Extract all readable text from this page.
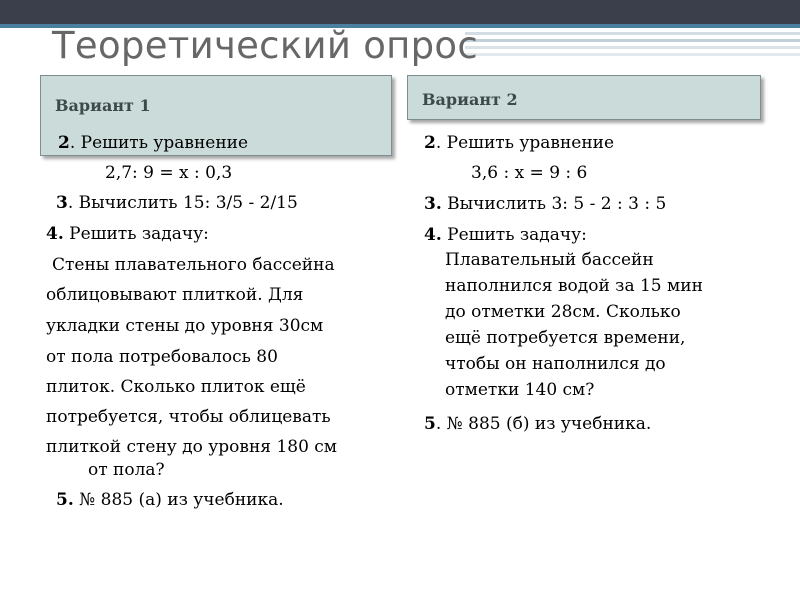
Теоретический опрос
Вариант 1	Вариант 2
2. Решить уравнение
2,7: 9 = х : 0,3
3. Вычислить 15: 3/5 - 2/15
4. Решить задачу:
Стены плавательного бассейна
облицовывают плиткой. Для
укладки стены до уровня 30см
от пола потребовалось 80
плиток. Сколько плиток ещё
потребуется, чтобы облицевать
плиткой стену до уровня 180 см
от пола?
5. № 885 (а) из учебника.
2. Решить уравнение
3,6 : х = 9 : 6
3. Вычислить 3: 5 - 2 : 3 : 5
4. Решить задачу:
Плавательный бассейн
наполнился водой за 15 мин
до отметки 28см. Сколько
ещё потребуется времени,
чтобы он наполнился до
отметки 140 см?
5. № 885 (б) из учебника.
